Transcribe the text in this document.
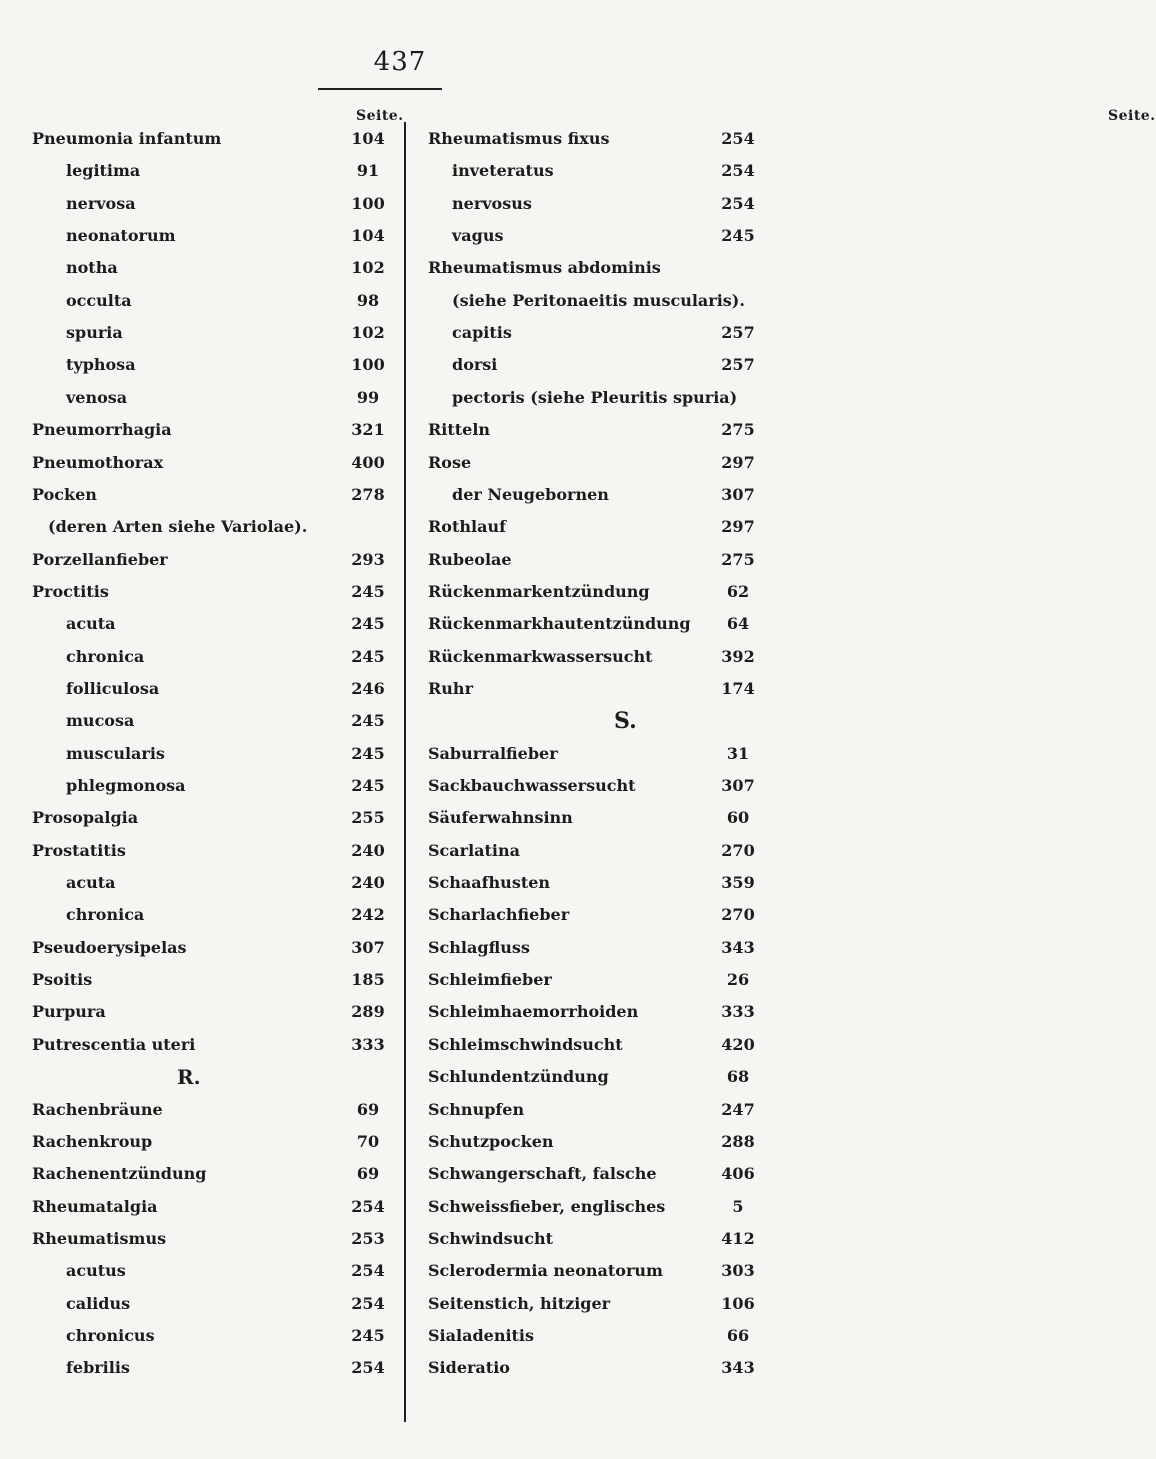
437
Seite.
Pneumonia infantum	104
legitima	91
nervosa	100
neonatorum	104
notha	102
occulta	98
spuria	102
typhosa	100
venosa	99
Pneumorrhagia	321
Pneumothorax	400
Pocken	278
(deren Arten siehe Variolae).
Porzellanfieber	293
Proctitis	245
acuta	245
chronica	245
folliculosa	246
mucosa	245
muscularis	245
phlegmonosa	245
Prosopalgia	255
Prostatitis	240
acuta	240
chronica	242
Pseudoerysipelas	307
Psoitis	185
Purpura	289
Putrescentia uteri	333
R.
Rachenbräune	69
Rachenkroup	70
Rachenentzündung	69
Rheumatalgia	254
Rheumatismus	253
acutus	254
calidus	254
chronicus	245
febrilis	254
Seite.
Rheumatismus fixus	254
inveteratus	254
nervosus	254
vagus	245
Rheumatismus abdominis
(siehe Peritonaeitis muscularis).
capitis	257
dorsi	257
pectoris (siehe Pleuritis spuria)
Ritteln	275
Rose	297
der Neugebornen	307
Rothlauf	297
Rubeolae	275
Rückenmarkentzündung	62
Rückenmarkhautentzündung	64
Rückenmarkwassersucht	392
Ruhr	174
S.
Saburralfieber	31
Sackbauchwassersucht	307
Säuferwahnsinn	60
Scarlatina	270
Schaafhusten	359
Scharlachfieber	270
Schlagfluss	343
Schleimfieber	26
Schleimhaemorrhoiden	333
Schleimschwindsucht	420
Schlundentzündung	68
Schnupfen	247
Schutzpocken	288
Schwangerschaft, falsche	406
Schweissfieber, englisches	5
Schwindsucht	412
Sclerodermia neonatorum	303
Seitenstich, hitziger	106
Sialadenitis	66
Sideratio	343
